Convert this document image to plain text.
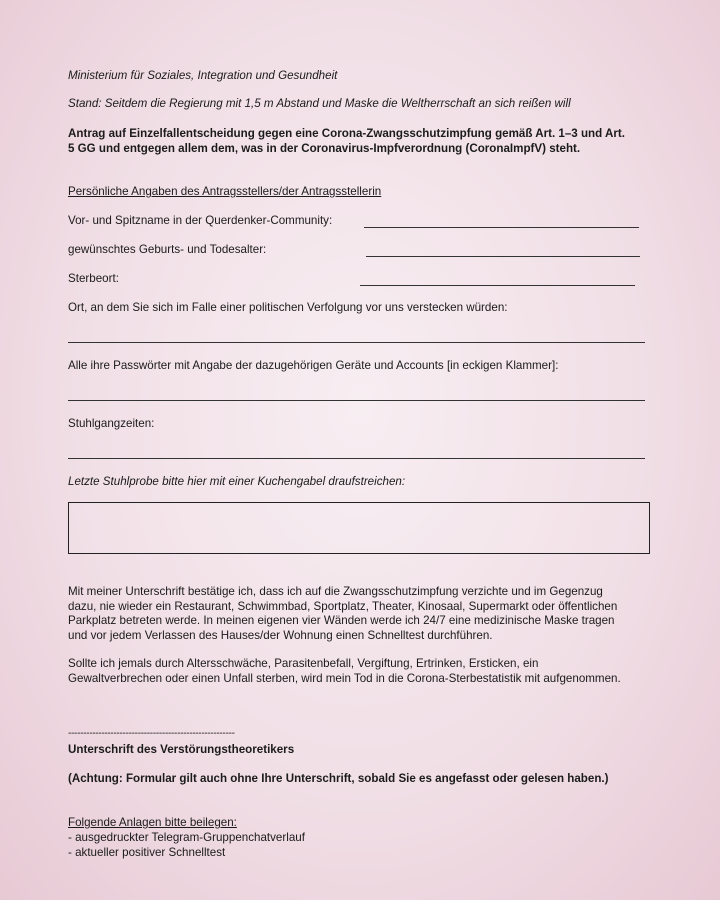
Ministerium für Soziales, Integration und Gesundheit

Stand: Seitdem die Regierung mit 1,5 m Abstand und Maske die Weltherrschaft an sich reißen will

Antrag auf Einzelfallentscheidung gegen eine Corona-Zwangsschutzimpfung gemäß Art. 1–3 und Art.

5 GG und entgegen allem dem, was in der Coronavirus-Impfverordnung (CoronaImpfV) steht.

Persönliche Angaben des Antragsstellers/der Antragsstellerin

Vor- und Spitzname in der Querdenker-Community:

gewünschtes Geburts- und Todesalter:

Sterbeort:

Ort, an dem Sie sich im Falle einer politischen Verfolgung vor uns verstecken würden:

Alle ihre Passwörter mit Angabe der dazugehörigen Geräte und Accounts [in eckigen Klammer]:

Stuhlgangzeiten:

Letzte Stuhlprobe bitte hier mit einer Kuchengabel draufstreichen:

Mit meiner Unterschrift bestätige ich, dass ich auf die Zwangsschutzimpfung verzichte und im Gegenzug

dazu, nie wieder ein Restaurant, Schwimmbad, Sportplatz, Theater, Kinosaal, Supermarkt oder öffentlichen

Parkplatz betreten werde. In meinen eigenen vier Wänden werde ich 24/7 eine medizinische Maske tragen

und vor jedem Verlassen des Hauses/der Wohnung einen Schnelltest durchführen.

Sollte ich jemals durch Altersschwäche, Parasitenbefall, Vergiftung, Ertrinken, Ersticken, ein

Gewaltverbrechen oder einen Unfall sterben, wird mein Tod in die Corona-Sterbestatistik mit aufgenommen.

-------------------------------------------------------

Unterschrift des Verstörungstheoretikers

(Achtung: Formular gilt auch ohne Ihre Unterschrift, sobald Sie es angefasst oder gelesen haben.)

Folgende Anlagen bitte beilegen:

- ausgedruckter Telegram-Gruppenchatverlauf

- aktueller positiver Schnelltest
